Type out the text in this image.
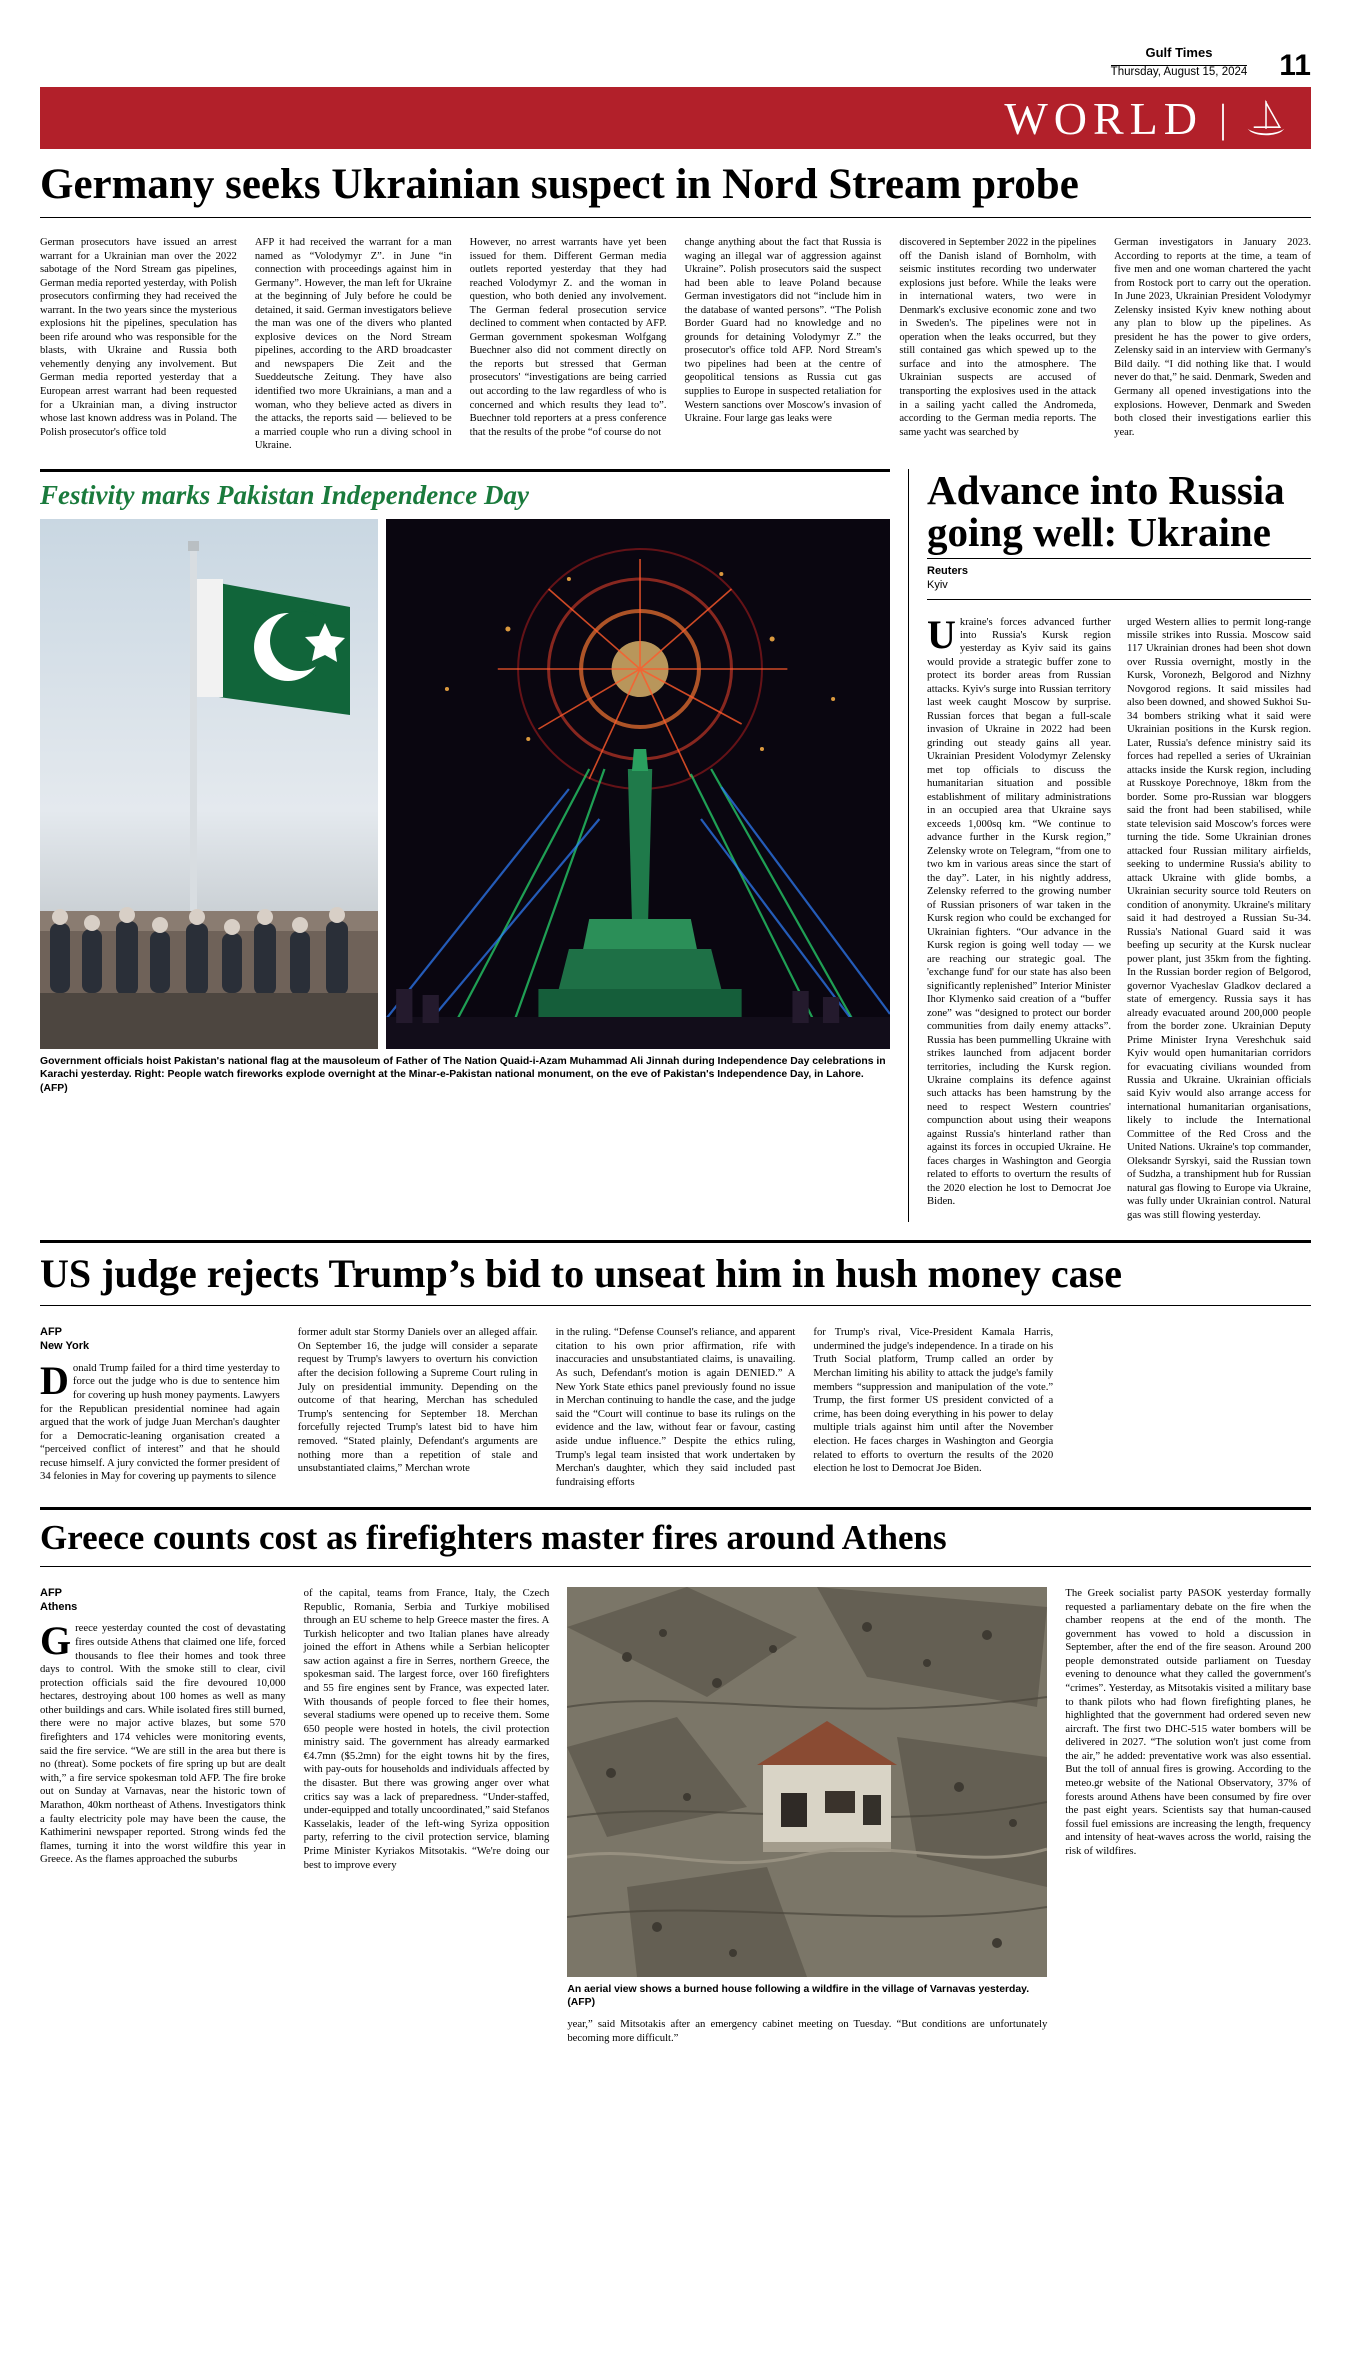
Gulf Times
Thursday, August 15, 2024 11
WORLD |
Germany seeks Ukrainian suspect in Nord Stream probe

German prosecutors have issued an arrest warrant for a Ukrainian man over the 2022 sabotage of the Nord Stream gas pipelines, German media reported yesterday, with Polish prosecutors confirming they had received the warrant. In the two years since the mysterious explosions hit the pipelines, speculation has been rife around who was responsible for the blasts, with Ukraine and Russia both vehemently denying any involvement. But German media reported yesterday that a European arrest warrant had been requested for a Ukrainian man, a diving instructor whose last known address was in Poland. The Polish prosecutor's office told

AFP it had received the warrant for a man named as “Volodymyr Z”. in June “in connection with proceedings against him in Germany”. However, the man left for Ukraine at the beginning of July before he could be detained, it said. German investigators believe the man was one of the divers who planted explosive devices on the Nord Stream pipelines, according to the ARD broadcaster and newspapers Die Zeit and the Sueddeutsche Zeitung. They have also identified two more Ukrainians, a man and a woman, who they believe acted as divers in the attacks, the reports said — believed to be a married couple who run a diving school in Ukraine.

However, no arrest warrants have yet been issued for them. Different German media outlets reported yesterday that they had reached Volodymyr Z. and the woman in question, who both denied any involvement. The German federal prosecution service declined to comment when contacted by AFP. German government spokesman Wolfgang Buechner also did not comment directly on the reports but stressed that German prosecutors' “investigations are being carried out according to the law regardless of who is concerned and which results they lead to”. Buechner told reporters at a press conference that the results of the probe “of course do not

change anything about the fact that Russia is waging an illegal war of aggression against Ukraine”. Polish prosecutors said the suspect had been able to leave Poland because German investigators did not “include him in the database of wanted persons”. “The Polish Border Guard had no knowledge and no grounds for detaining Volodymyr Z.” the prosecutor's office told AFP. Nord Stream's two pipelines had been at the centre of geopolitical tensions as Russia cut gas supplies to Europe in suspected retaliation for Western sanctions over Moscow's invasion of Ukraine. Four large gas leaks were

discovered in September 2022 in the pipelines off the Danish island of Bornholm, with seismic institutes recording two underwater explosions just before. While the leaks were in international waters, two were in Denmark's exclusive economic zone and two in Sweden's. The pipelines were not in operation when the leaks occurred, but they still contained gas which spewed up to the surface and into the atmosphere. The Ukrainian suspects are accused of transporting the explosives used in the attack in a sailing yacht called the Andromeda, according to the German media reports. The same yacht was searched by

German investigators in January 2023. According to reports at the time, a team of five men and one woman chartered the yacht from Rostock port to carry out the operation. In June 2023, Ukrainian President Volodymyr Zelensky insisted Kyiv knew nothing about any plan to blow up the pipelines. As president he has the power to give orders, Zelensky said in an interview with Germany's Bild daily. “I did nothing like that. I would never do that,” he said. Denmark, Sweden and Germany all opened investigations into the explosions. However, Denmark and Sweden both closed their investigations earlier this year.

Festivity marks Pakistan Independence Day
Government officials hoist Pakistan's national flag at the mausoleum of Father of The Nation Quaid-i-Azam Muhammad Ali Jinnah during Independence Day celebrations in Karachi yesterday. Right: People watch fireworks explode overnight at the Minar-e-Pakistan national monument, on the eve of Pakistan's Independence Day, in Lahore. (AFP)
Advance into Russia going well: Ukraine
Reuters
Kyiv

Ukraine's forces advanced further into Russia's Kursk region yesterday as Kyiv said its gains would provide a strategic buffer zone to protect its border areas from Russian attacks. Kyiv's surge into Russian territory last week caught Moscow by surprise. Russian forces that began a full-scale invasion of Ukraine in 2022 had been grinding out steady gains all year. Ukrainian President Volodymyr Zelensky met top officials to discuss the humanitarian situation and possible establishment of military administrations in an occupied area that Ukraine says exceeds 1,000sq km. “We continue to advance further in the Kursk region,” Zelensky wrote on Telegram, “from one to two km in various areas since the start of the day”. Later, in his nightly address, Zelensky referred to the growing number of Russian prisoners of war taken in the Kursk region who could be exchanged for Ukrainian fighters. “Our advance in the Kursk region is going well today — we are reaching our strategic goal. The 'exchange fund' for our state has also been significantly replenished” Interior Minister Ihor Klymenko said creation of a “buffer zone” was “designed to protect our border communities from daily enemy attacks”. Russia has been pummelling Ukraine with strikes launched from adjacent border territories, including the Kursk region. Ukraine complains its defence against such attacks has been hamstrung by the need to respect Western countries' compunction about using their weapons against Russia's hinterland rather than against its forces in occupied Ukraine. He faces charges in Washington and Georgia related to efforts to overturn the results of the 2020 election he lost to Democrat Joe Biden.

urged Western allies to permit long-range missile strikes into Russia. Moscow said 117 Ukrainian drones had been shot down over Russia overnight, mostly in the Kursk, Voronezh, Belgorod and Nizhny Novgorod regions. It said missiles had also been downed, and showed Sukhoi Su-34 bombers striking what it said were Ukrainian positions in the Kursk region. Later, Russia's defence ministry said its forces had repelled a series of Ukrainian attacks inside the Kursk region, including at Russkoye Porechnoye, 18km from the border. Some pro-Russian war bloggers said the front had been stabilised, while state television said Moscow's forces were turning the tide. Some Ukrainian drones attacked four Russian military airfields, seeking to undermine Russia's ability to attack Ukraine with glide bombs, a Ukrainian security source told Reuters on condition of anonymity. Ukraine's military said it had destroyed a Russian Su-34. Russia's National Guard said it was beefing up security at the Kursk nuclear power plant, just 35km from the fighting. In the Russian border region of Belgorod, governor Vyacheslav Gladkov declared a state of emergency. Russia says it has already evacuated around 200,000 people from the border zone. Ukrainian Deputy Prime Minister Iryna Vereshchuk said Kyiv would open humanitarian corridors for evacuating civilians wounded from Russia and Ukraine. Ukrainian officials said Kyiv would also arrange access for international humanitarian organisations, likely to include the International Committee of the Red Cross and the United Nations. Ukraine's top commander, Oleksandr Syrskyi, said the Russian town of Sudzha, a transhipment hub for Russian natural gas flowing to Europe via Ukraine, was fully under Ukrainian control. Natural gas was still flowing yesterday.

US judge rejects Trump’s bid to unseat him in hush money case
AFP
New York

Donald Trump failed for a third time yesterday to force out the judge who is due to sentence him for covering up hush money payments. Lawyers for the Republican presidential nominee had again argued that the work of judge Juan Merchan's daughter for a Democratic-leaning organisation created a “perceived conflict of interest” and that he should recuse himself. A jury convicted the former president of 34 felonies in May for covering up payments to silence

former adult star Stormy Daniels over an alleged affair. On September 16, the judge will consider a separate request by Trump's lawyers to overturn his conviction after the decision following a Supreme Court ruling in July on presidential immunity. Depending on the outcome of that hearing, Merchan has scheduled Trump's sentencing for September 18. Merchan forcefully rejected Trump's latest bid to have him removed. “Stated plainly, Defendant's arguments are nothing more than a repetition of stale and unsubstantiated claims,” Merchan wrote

in the ruling. “Defense Counsel's reliance, and apparent citation to his own prior affirmation, rife with inaccuracies and unsubstantiated claims, is unavailing. As such, Defendant's motion is again DENIED.” A New York State ethics panel previously found no issue in Merchan continuing to handle the case, and the judge said the “Court will continue to base its rulings on the evidence and the law, without fear or favour, casting aside undue influence.” Despite the ethics ruling, Trump's legal team insisted that work undertaken by Merchan's daughter, which they said included past fundraising efforts

for Trump's rival, Vice-President Kamala Harris, undermined the judge's independence. In a tirade on his Truth Social platform, Trump called an order by Merchan limiting his ability to attack the judge's family members “suppression and manipulation of the vote.” Trump, the first former US president convicted of a crime, has been doing everything in his power to delay multiple trials against him until after the November election. He faces charges in Washington and Georgia related to efforts to overturn the results of the 2020 election he lost to Democrat Joe Biden.

Greece counts cost as firefighters master fires around Athens
AFP
Athens

Greece yesterday counted the cost of devastating fires outside Athens that claimed one life, forced thousands to flee their homes and took three days to control. With the smoke still to clear, civil protection officials said the fire devoured 10,000 hectares, destroying about 100 homes as well as many other buildings and cars. While isolated fires still burned, there were no major active blazes, but some 570 firefighters and 174 vehicles were monitoring events, said the fire service. “We are still in the area but there is no (threat). Some pockets of fire spring up but are dealt with,” a fire service spokesman told AFP. The fire broke out on Sunday at Varnavas, near the historic town of Marathon, 40km northeast of Athens. Investigators think a faulty electricity pole may have been the cause, the Kathimerini newspaper reported. Strong winds fed the flames, turning it into the worst wildfire this year in Greece. As the flames approached the suburbs

of the capital, teams from France, Italy, the Czech Republic, Romania, Serbia and Turkiye mobilised through an EU scheme to help Greece master the fires. A Turkish helicopter and two Italian planes have already joined the effort in Athens while a Serbian helicopter saw action against a fire in Serres, northern Greece, the spokesman said. The largest force, over 160 firefighters and 55 fire engines sent by France, was expected later. With thousands of people forced to flee their homes, several stadiums were opened up to receive them. Some 650 people were hosted in hotels, the civil protection ministry said. The government has already earmarked €4.7mn ($5.2mn) for the eight towns hit by the fires, with pay-outs for households and individuals affected by the disaster. But there was growing anger over what critics say was a lack of preparedness. “Under-staffed, under-equipped and totally uncoordinated,” said Stefanos Kasselakis, leader of the left-wing Syriza opposition party, referring to the civil protection service, blaming Prime Minister Kyriakos Mitsotakis. “We're doing our best to improve every

An aerial view shows a burned house following a wildfire in the village of Varnavas yesterday. (AFP)

The Greek socialist party PASOK yesterday formally requested a parliamentary debate on the fire when the chamber reopens at the end of the month. The government has vowed to hold a discussion in September, after the end of the fire season. Around 200 people demonstrated outside parliament on Tuesday evening to denounce what they called the government's “crimes”. Yesterday, as Mitsotakis visited a military base to thank pilots who had flown firefighting planes, he highlighted that the government had ordered seven new aircraft. The first two DHC-515 water bombers will be delivered in 2027. “The solution won't just come from the air,” he added: preventative work was also essential. But the toll of annual fires is growing. According to the meteo.gr website of the National Observatory, 37% of forests around Athens have been consumed by fire over the past eight years. Scientists say that human-caused fossil fuel emissions are increasing the length, frequency and intensity of heat-waves across the world, raising the risk of wildfires.

year,” said Mitsotakis after an emergency cabinet meeting on Tuesday. “But conditions are unfortunately becoming more difficult.”
